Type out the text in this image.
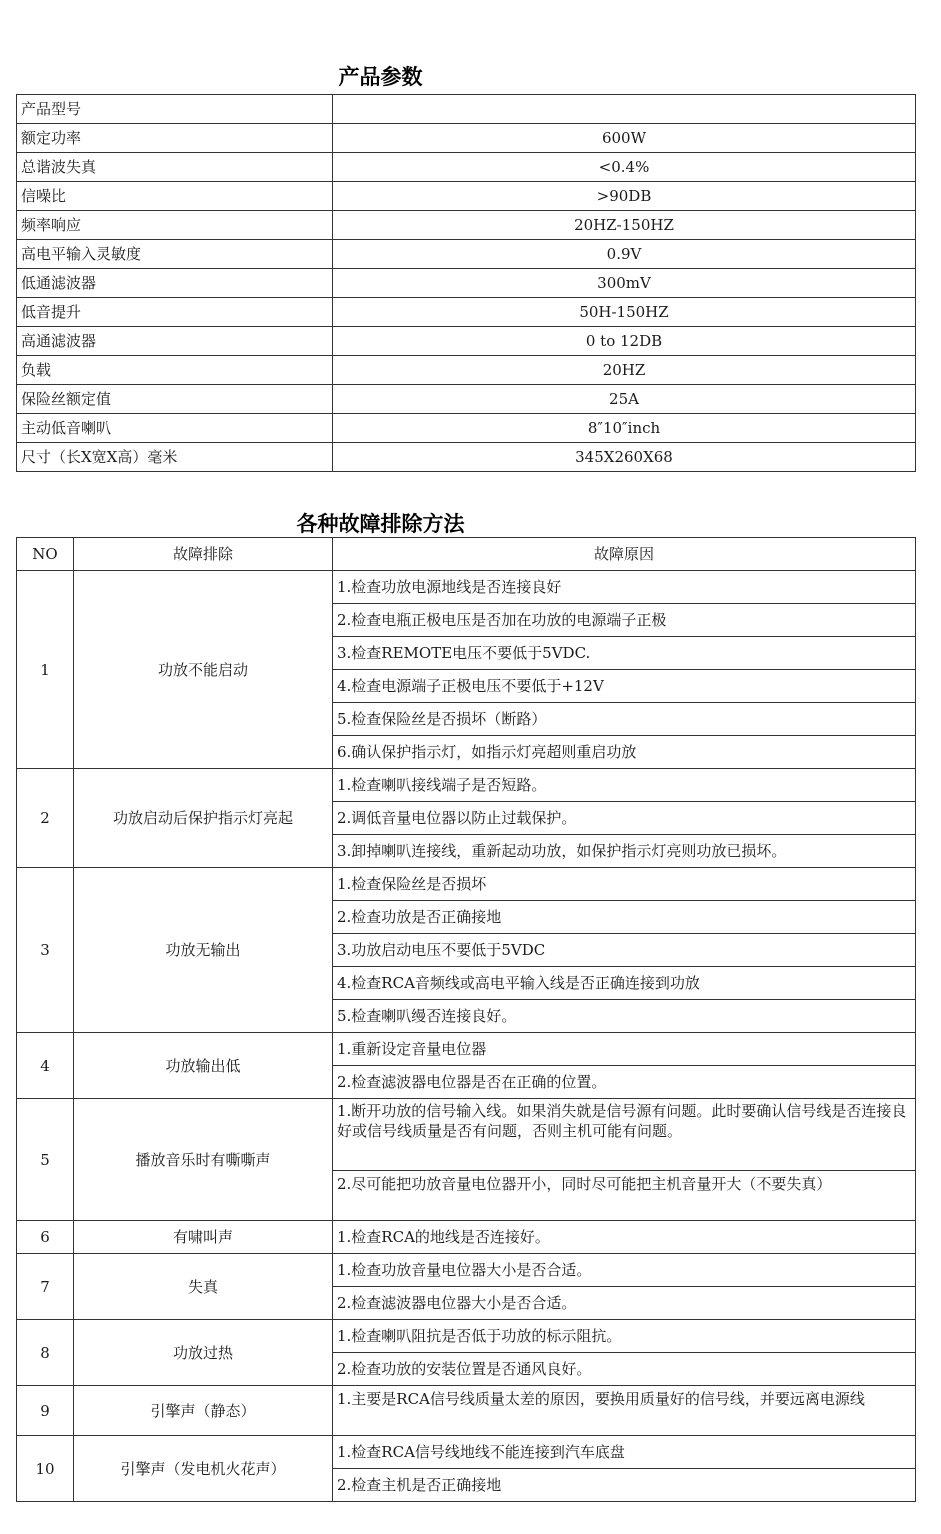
产品参数
产品型号	
额定功率	600W
总谐波失真	<0.4%
信噪比	>90DB
频率响应	20HZ-150HZ
高电平输入灵敏度	0.9V
低通滤波器	300mV
低音提升	50H-150HZ
高通滤波器	0 to 12DB
负载	20HZ
保险丝额定值	25A
主动低音喇叭	8″10″inch
尺寸（长X宽X高）毫米	345X260X68
各种故障排除方法
NO	故障排除	故障原因
1	功放不能启动	1.检查功放电源地线是否连接良好
		2.检查电瓶正极电压是否加在功放的电源端子正极
		3.检查REMOTE电压不要低于5VDC.
		4.检查电源端子正极电压不要低于+12V
		5.检查保险丝是否损坏（断路）
		6.确认保护指示灯，如指示灯亮超则重启功放
2	功放启动后保护指示灯亮起	1.检查喇叭接线端子是否短路。
		2.调低音量电位器以防止过载保护。
		3.卸掉喇叭连接线，重新起动功放，如保护指示灯亮则功放已损坏。
3	功放无输出	1.检查保险丝是否损坏
		2.检查功放是否正确接地
		3.功放启动电压不要低于5VDC
		4.检查RCA音频线或高电平输入线是否正确连接到功放
		5.检查喇叭缦否连接良好。
4	功放输出低	1.重新设定音量电位器
		2.检查滤波器电位器是否在正确的位置。
5	播放音乐时有嘶嘶声	1.断开功放的信号输入线。如果消失就是信号源有问题。此时要确认信号线是否连接良好或信号线质量是否有问题，否则主机可能有问题。
		2.尽可能把功放音量电位器开小，同时尽可能把主机音量开大（不要失真）
6	有啸叫声	1.检查RCA的地线是否连接好。
7	失真	1.检查功放音量电位器大小是否合适。
		2.检查滤波器电位器大小是否合适。
8	功放过热	1.检查喇叭阻抗是否低于功放的标示阻抗。
		2.检查功放的安装位置是否通风良好。
9	引擎声（静态）	1.主要是RCA信号线质量太差的原因，要换用质量好的信号线，并要远离电源线
10	引擎声（发电机火花声）	1.检查RCA信号线地线不能连接到汽车底盘
		2.检查主机是否正确接地
